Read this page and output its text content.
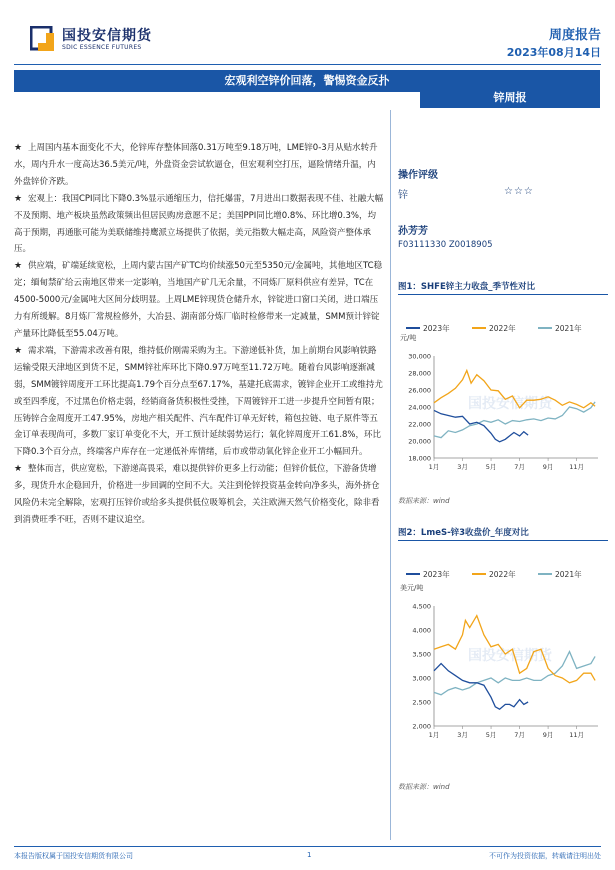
国投安信期货
SDIC ESSENCE FUTURES
周度报告
2023年08月14日
宏观利空锌价回落，警惕资金反扑
锌周报

★ 上周国内基本面变化不大，伦锌库存整体回落0.31万吨至9.18万吨，LME锌0-3月从贴水转升水，周内升水一度高达36.5美元/吨，外盘资金尝试软逼仓，但宏观利空打压，逼险情绪升温，内外盘锌价齐跌。

★ 宏观上：我国CPI同比下降0.3%显示通缩压力，信托爆雷，7月进出口数据表现不佳、社融大幅不及预期、地产板块虽然政策频出但居民购房意愿不足；美国PPI同比增0.8%、环比增0.3%，均高于预期，再通胀可能为美联储维持鹰派立场提供了依据，美元指数大幅走高，风险资产整体承压。

★ 供应端，矿端延续宽松，上周内蒙古国产矿TC均价续涨50元至5350元/金属吨，其他地区TC稳定；缅甸禁矿给云南地区带来一定影响，当地国产矿几无余量，不同炼厂原料供应有差异，TC在4500-5000元/金属吨大区间分歧明显。上周LME锌现货仓储升水，锌锭进口窗口关闭，进口端压力有所缓解。8月炼厂常规检修外，大冶县、湖南部分炼厂临时检修带来一定减量，SMM预计锌锭产量环比降低至55.04万吨。

★ 需求端，下游需求改善有限，维持低价刚需采购为主。下游递低补货，加上前期台风影响铁路运输受限天津地区到货不足，SMM锌社库环比下降0.97万吨至11.72万吨。随着台风影响逐渐减弱，SMM镀锌周度开工环比提高1.79个百分点至67.17%，基建托底需求，镀锌企业开工或维持尤或至四季度，不过黑色价格走弱，经销商备货积极性受挫，下周镀锌开工进一步提升空间暂有限；压铸锌合金周度开工47.95%，房地产相关配件、汽车配件订单无好转，箱包拉链、电子原件等五金订单表现尚可，多数厂家订单变化不大，开工预计延续弱势运行；氧化锌周度开工61.8%，环比下降0.3个百分点，终端客户库存在一定递低补库情绪，后市或带动氧化锌企业开工小幅回升。

★ 整体而言，供应宽松，下游递高畏采，难以提供锌价更多上行动能；但锌价低位，下游备货增多，现货升水企稳回升，价格进一步回调的空间不大。关注到伦锌投资基金转向净多头，海外挤仓风险仍未完全解除，宏观打压锌价或给多头提供低位吸筹机会，关注欧洲天然气价格变化，除非看到消费旺季不旺，否则不建议追空。

操作评级
锌	☆☆☆
孙芳芳
F03111330 Z0018905
图1：SHFE锌主力收盘_季节性对比
国投安信期货
元/吨
2023年	2022年	2021年
18,000
20,000
22,000
24,000
26,000
28,000
30,000
1月	3月	5月	7月	9月 11月
数据来源：wind
图2：LmeS-锌3收盘价_年度对比
国投安信期货
美元/吨
2023年	2022年	2021年
2,000
2,500
3,000
3,500
4,000
4,500
1月	3月	5月	7月	9月 11月
数据来源：wind
本报告版权属于国投安信期货有限公司	1	不可作为投资依据，转载请注明出处
